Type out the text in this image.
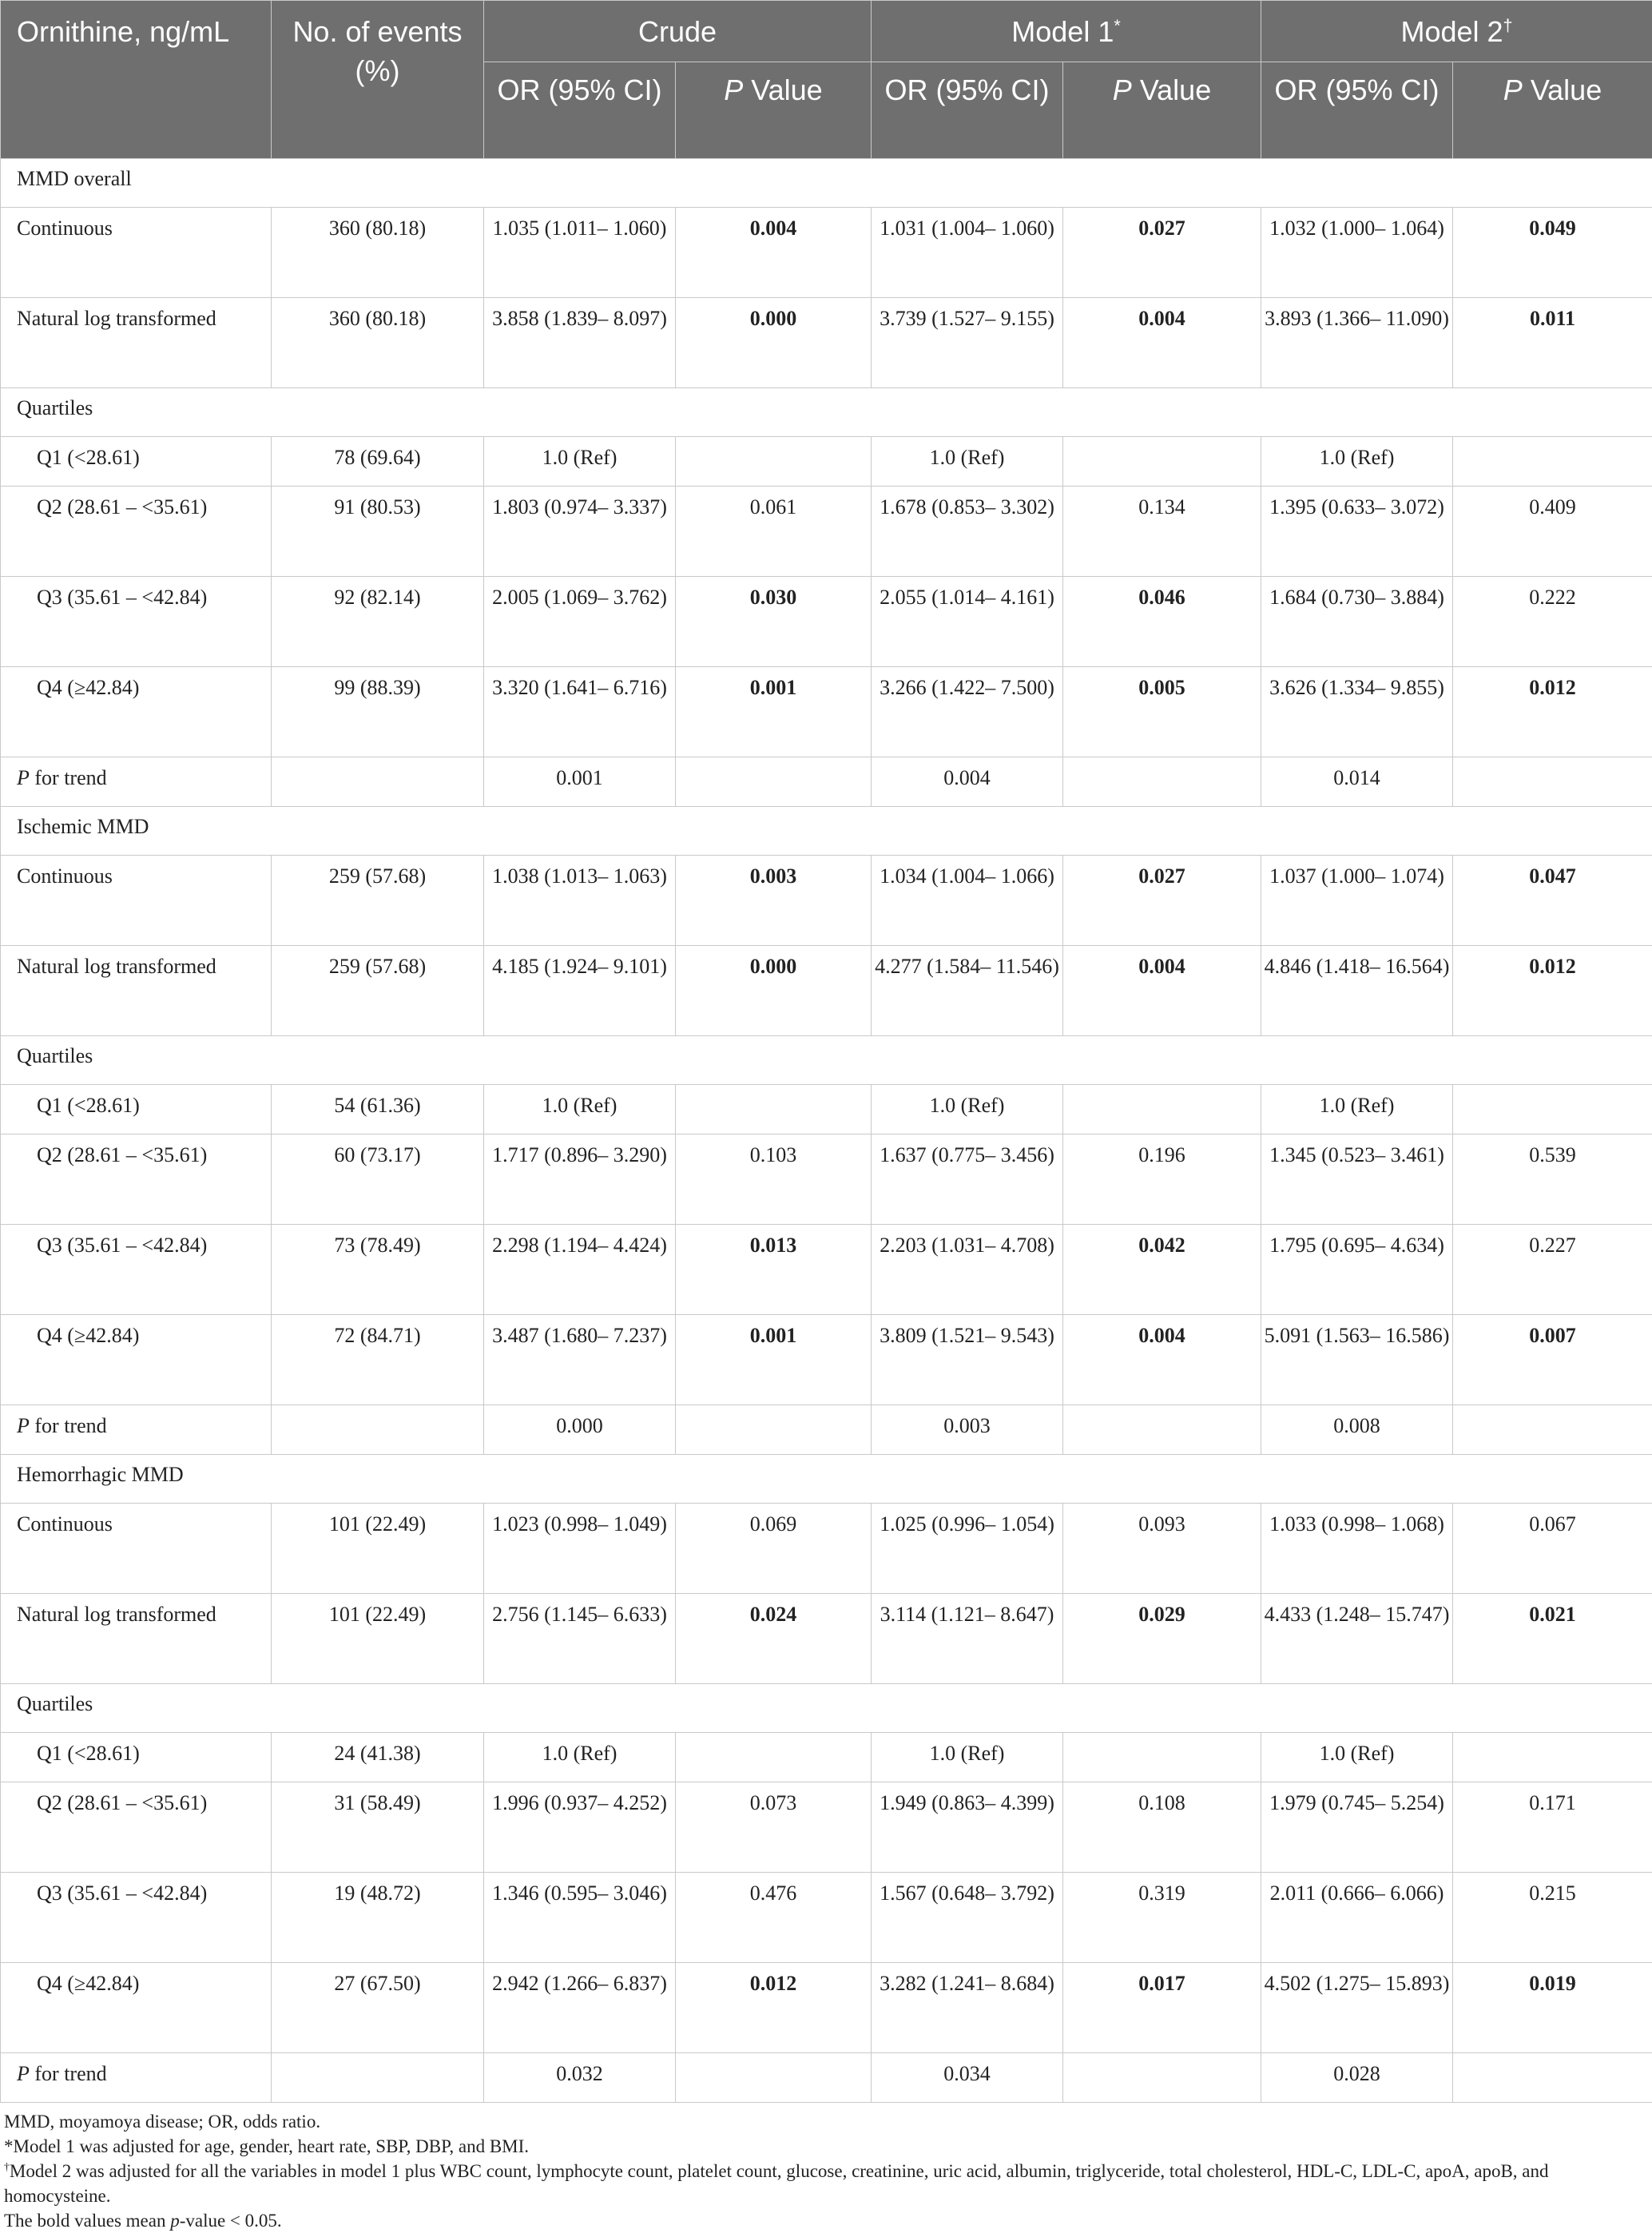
Ornithine, ng/mL	No. of events (%)	Crude		Model 1*		Model 2†
		OR (95% CI)	P Value	OR (95% CI)	P Value	OR (95% CI)	P Value
MMD overall							
Continuous	360 (80.18)	1.035 (1.011– 1.060)	0.004	1.031 (1.004– 1.060)	0.027	1.032 (1.000– 1.064)	0.049
Natural log transformed	360 (80.18)	3.858 (1.839– 8.097)	0.000	3.739 (1.527– 9.155)	0.004	3.893 (1.366– 11.090)	0.011
Quartiles							
Q1 (<28.61)	78 (69.64)	1.0 (Ref)		1.0 (Ref)		1.0 (Ref)	
Q2 (28.61 – <35.61)	91 (80.53)	1.803 (0.974– 3.337)	0.061	1.678 (0.853– 3.302)	0.134	1.395 (0.633– 3.072)	0.409
Q3 (35.61 – <42.84)	92 (82.14)	2.005 (1.069– 3.762)	0.030	2.055 (1.014– 4.161)	0.046	1.684 (0.730– 3.884)	0.222
Q4 (≥42.84)	99 (88.39)	3.320 (1.641– 6.716)	0.001	3.266 (1.422– 7.500)	0.005	3.626 (1.334– 9.855)	0.012
P for trend		0.001		0.004		0.014	
Ischemic MMD							
Continuous	259 (57.68)	1.038 (1.013– 1.063)	0.003	1.034 (1.004– 1.066)	0.027	1.037 (1.000– 1.074)	0.047
Natural log transformed	259 (57.68)	4.185 (1.924– 9.101)	0.000	4.277 (1.584– 11.546)	0.004	4.846 (1.418– 16.564)	0.012
Quartiles							
Q1 (<28.61)	54 (61.36)	1.0 (Ref)		1.0 (Ref)		1.0 (Ref)	
Q2 (28.61 – <35.61)	60 (73.17)	1.717 (0.896– 3.290)	0.103	1.637 (0.775– 3.456)	0.196	1.345 (0.523– 3.461)	0.539
Q3 (35.61 – <42.84)	73 (78.49)	2.298 (1.194– 4.424)	0.013	2.203 (1.031– 4.708)	0.042	1.795 (0.695– 4.634)	0.227
Q4 (≥42.84)	72 (84.71)	3.487 (1.680– 7.237)	0.001	3.809 (1.521– 9.543)	0.004	5.091 (1.563– 16.586)	0.007
P for trend		0.000		0.003		0.008	
Hemorrhagic MMD							
Continuous	101 (22.49)	1.023 (0.998– 1.049)	0.069	1.025 (0.996– 1.054)	0.093	1.033 (0.998– 1.068)	0.067
Natural log transformed	101 (22.49)	2.756 (1.145– 6.633)	0.024	3.114 (1.121– 8.647)	0.029	4.433 (1.248– 15.747)	0.021
Quartiles							
Q1 (<28.61)	24 (41.38)	1.0 (Ref)		1.0 (Ref)		1.0 (Ref)	
Q2 (28.61 – <35.61)	31 (58.49)	1.996 (0.937– 4.252)	0.073	1.949 (0.863– 4.399)	0.108	1.979 (0.745– 5.254)	0.171
Q3 (35.61 – <42.84)	19 (48.72)	1.346 (0.595– 3.046)	0.476	1.567 (0.648– 3.792)	0.319	2.011 (0.666– 6.066)	0.215
Q4 (≥42.84)	27 (67.50)	2.942 (1.266– 6.837)	0.012	3.282 (1.241– 8.684)	0.017	4.502 (1.275– 15.893)	0.019
P for trend		0.032		0.034		0.028	

MMD, moyamoya disease; OR, odds ratio.

*Model 1 was adjusted for age, gender, heart rate, SBP, DBP, and BMI.

†Model 2 was adjusted for all the variables in model 1 plus WBC count, lymphocyte count, platelet count, glucose, creatinine, uric acid, albumin, triglyceride, total cholesterol, HDL-C, LDL-C, apoA, apoB, and homocysteine.

The bold values mean p-value < 0.05.
